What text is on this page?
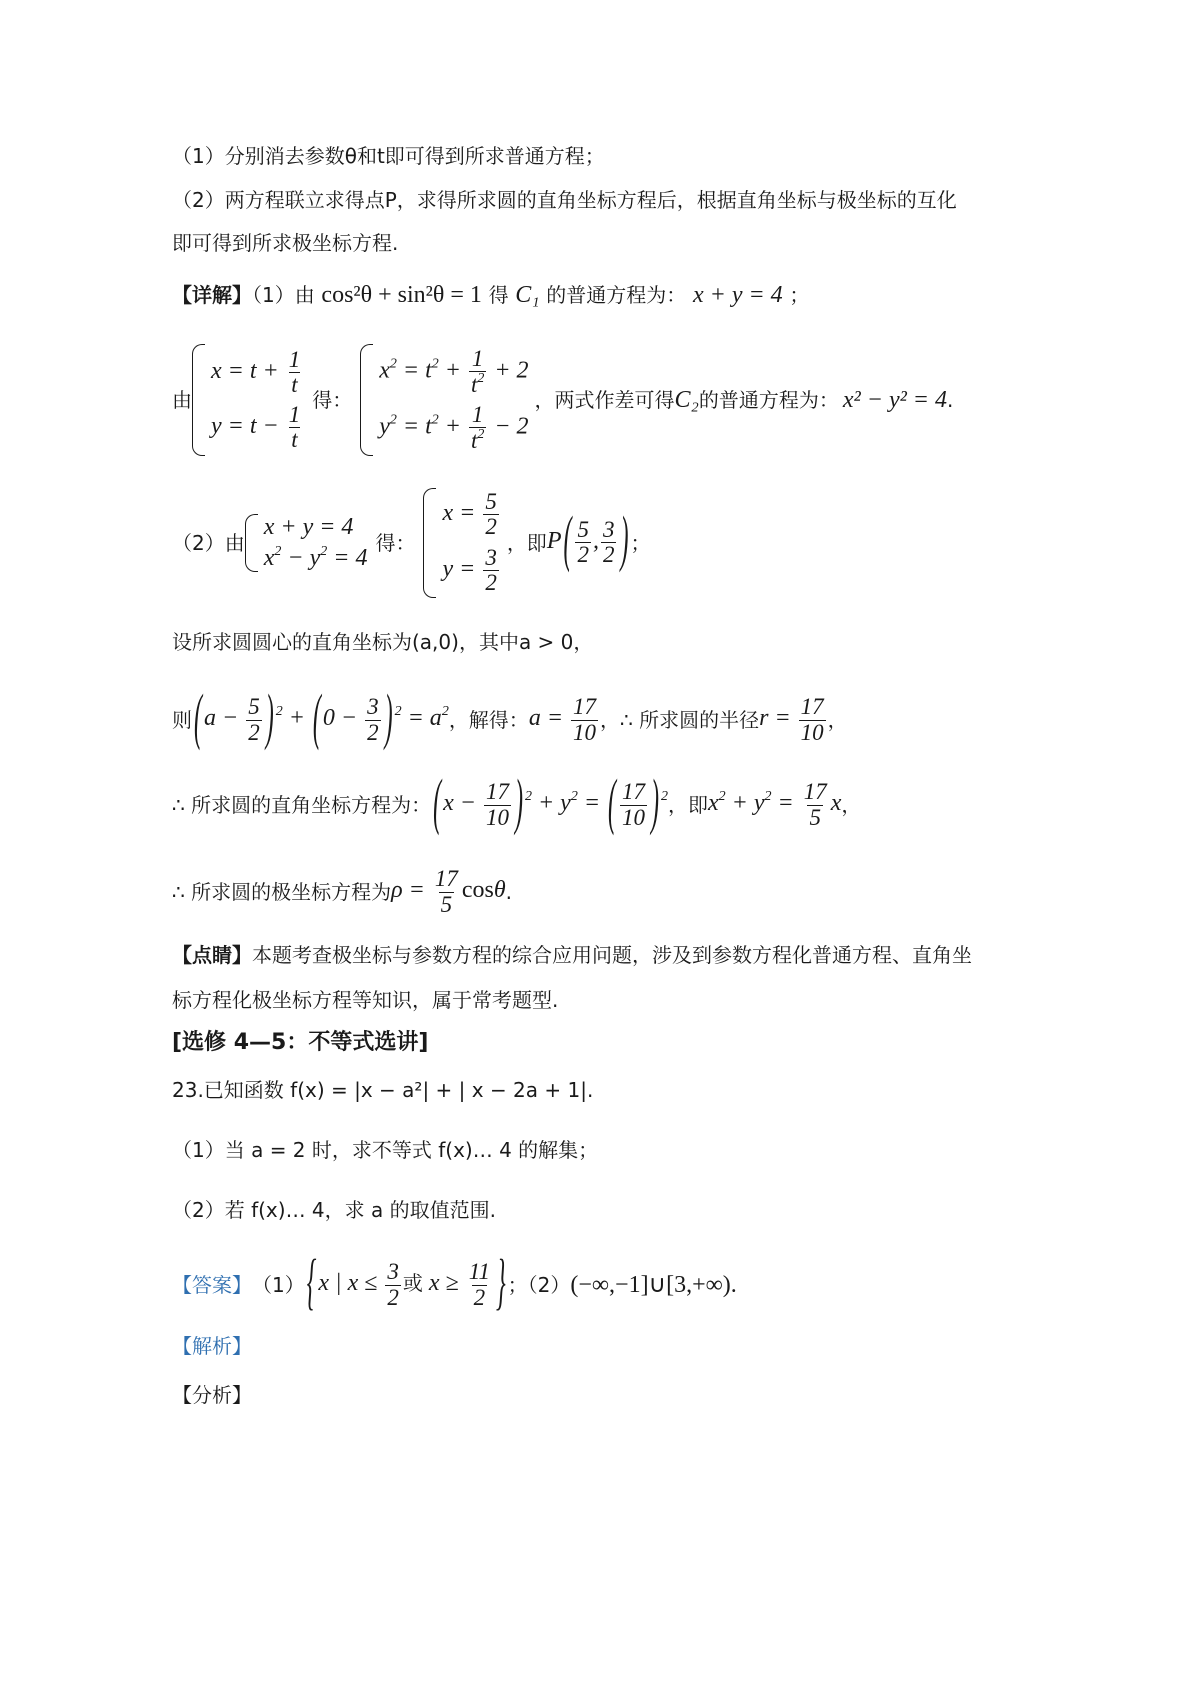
（1）分别消去参数θ和t即可得到所求普通方程；
（2）两方程联立求得点P，求得所求圆的直角坐标方程后，根据直角坐标与极坐标的互化
即可得到所求极坐标方程.
【详解】（1）由 cos²θ + sin²θ = 1 得 C₁ 的普通方程为： x + y = 4 ；
由
$x = t + \frac{1}{t}$
$y = t - \frac{1}{t}$
得：
$x^2 = t^2 + \frac{1}{t^2} + 2$
$y^2 = t^2 + \frac{1}{t^2} - 2$
，两式作差可得 C₂ 的普通方程为： x² − y² = 4 .
（2）由
x + y = 4
$x^2 - y^2 = 4$
得：
$x = \frac{5}{2}$
$y = \frac{3}{2}$
，即 $P( \frac{5}{2}$ , $\frac{3}{2}$ ) ；
设所求圆圆心的直角坐标为(a,0)，其中a > 0，
则 ($a - \frac{5}{2}$ ) $^2 + (0 - \frac{3}{2}$ ) $^2 = a^2$ ，解得： $a = \frac{17}{10}$ ，∴ 所求圆的半径 $r = \frac{17}{10}$ ，
∴ 所求圆的直角坐标方程为： ($x - \frac{17}{10}$ ) $^2 + y^2$ = ( $\frac{17}{10}$ ) $^2$ ，即 $x^2 + y^2 = \frac{17}{5}$ x ，
∴ 所求圆的极坐标方程为 $\rho = \frac{17}{5}$ cosθ .
【点睛】本题考查极坐标与参数方程的综合应用问题，涉及到参数方程化普通方程、直角坐
标方程化极坐标方程等知识，属于常考题型.
[选修 4—5：不等式选讲]
23.已知函数 f(x) = |x − a²| + | x − 2a + 1|.
（1）当 a = 2 时，求不等式 f(x)… 4 的解集；
（2）若 f(x)… 4，求 a 的取值范围.
【答案】 （1） {x | $x \le \frac{3}{2}$ 或 $x \ge \frac{11}{2}$ } ；（2） (−∞,−1]∪[3,+∞).
【解析】
【分析】
